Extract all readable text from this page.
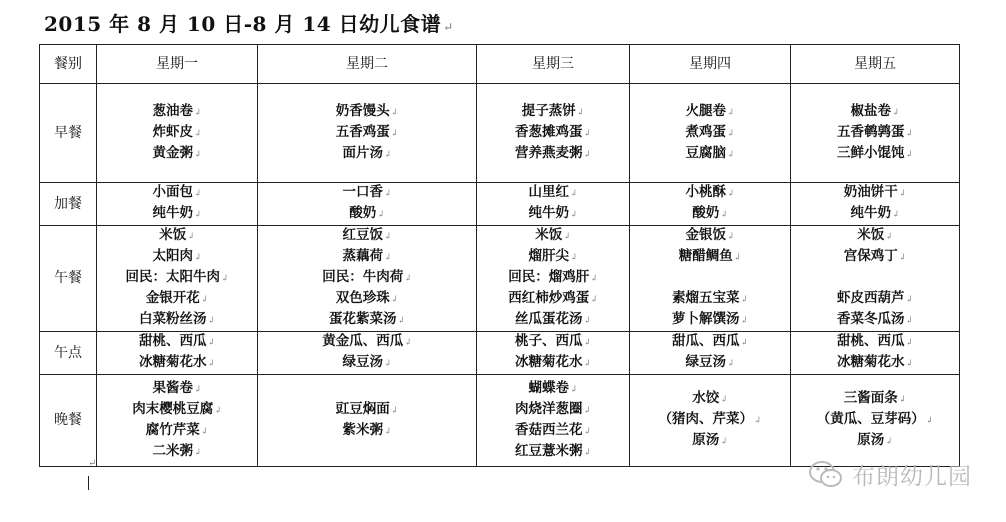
2015 年 8 月 10 日-8 月 14 日幼儿食谱 ↵
餐别	星期一	星期二	星期三	星期四	星期五
早餐	葱油卷 ↲
炸虾皮 ↲
黄金粥 ↲	奶香馒头 ↲
五香鸡蛋 ↲
面片汤 ↲	提子蒸饼 ↲
香葱摊鸡蛋 ↲
营养燕麦粥 ↲	火腿卷 ↲
煮鸡蛋 ↲
豆腐脑 ↲	椒盐卷 ↲
五香鹌鹑蛋 ↲
三鲜小馄饨 ↲

加餐	小面包 ↲
纯牛奶 ↲	一口香 ↲
酸奶 ↲	山里红 ↲
纯牛奶 ↲	小桃酥 ↲
酸奶 ↲	奶油饼干 ↲
纯牛奶 ↲

午餐	米饭 ↲
太阳肉 ↲
回民：太阳牛肉 ↲
金银开花 ↲
白菜粉丝汤 ↲	红豆饭 ↲
蒸藕荷 ↲
回民：牛肉荷 ↲
双色珍珠 ↲
蛋花紫菜汤 ↲	米饭 ↲
熘肝尖 ↲
回民：熘鸡肝 ↲
西红柿炒鸡蛋 ↲
丝瓜蛋花汤 ↲	金银饭 ↲
糖醋鲷鱼 ↲
素熘五宝菜 ↲
萝卜解馔汤 ↲	米饭 ↲
宫保鸡丁 ↲
虾皮西葫芦 ↲
香菜冬瓜汤 ↲

午点	甜桃、西瓜 ↲
冰糖菊花水 ↲	黄金瓜、西瓜 ↲
绿豆汤 ↲	桃子、西瓜 ↲
冰糖菊花水 ↲	甜瓜、西瓜 ↲
绿豆汤 ↲	甜桃、西瓜 ↲
冰糖菊花水 ↲

晚餐	果酱卷 ↲
肉末樱桃豆腐 ↲
腐竹芹菜 ↲
二米粥 ↲	豇豆焖面 ↲
紫米粥 ↲	蝴蝶卷 ↲
肉烧洋葱圈 ↲
香菇西兰花 ↲
红豆薏米粥 ↲	水饺 ↲
（猪肉、芹菜） ↲
原汤 ↲	三酱面条 ↲
（黄瓜、豆芽码） ↲
原汤 ↲
↵
布朗幼儿园
